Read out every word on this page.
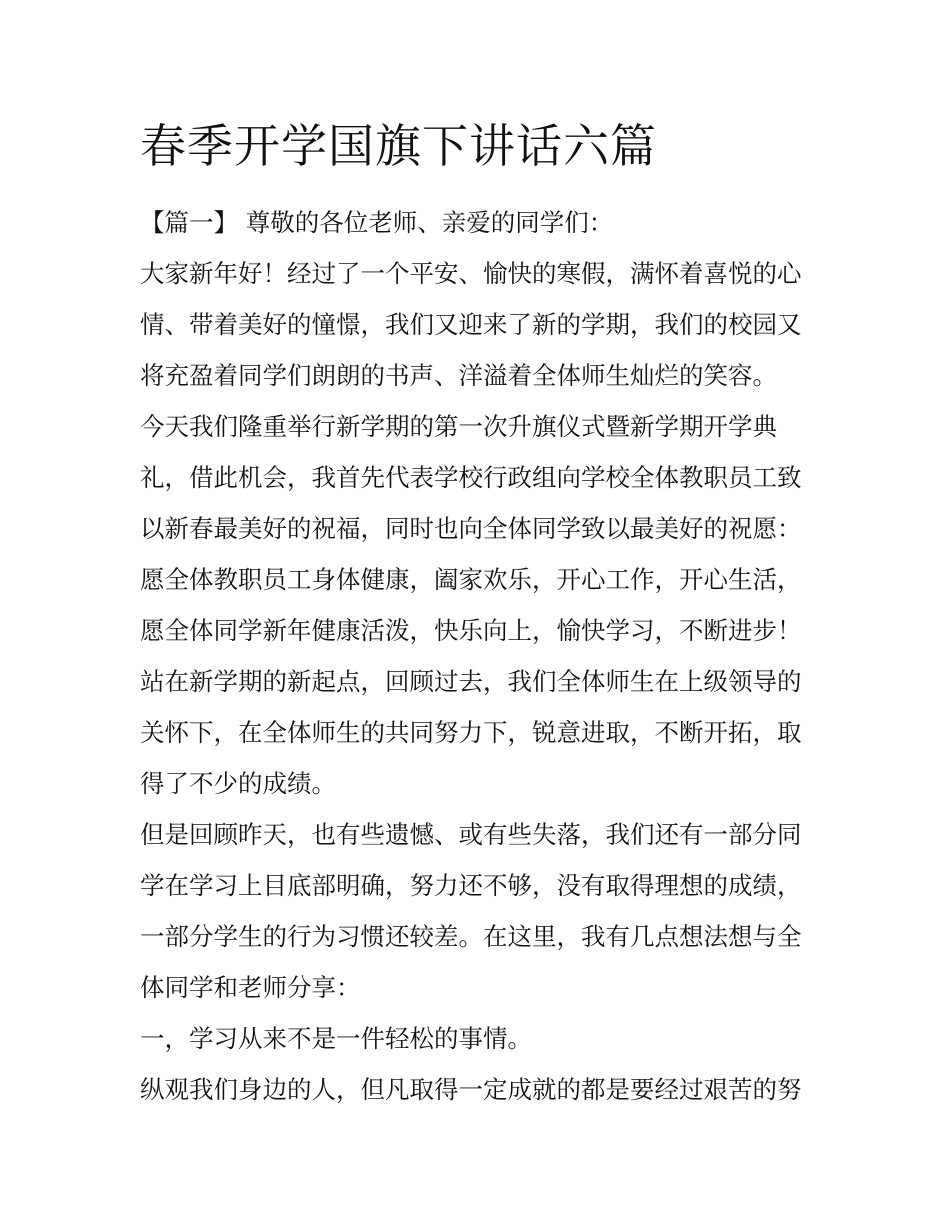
春季开学国旗下讲话六篇

【篇一】 尊敬的各位老师、亲爱的同学们：

大家新年好！经过了一个平安、愉快的寒假，满怀着喜悦的心

情、带着美好的憧憬，我们又迎来了新的学期，我们的校园又

将充盈着同学们朗朗的书声、洋溢着全体师生灿烂的笑容。

今天我们隆重举行新学期的第一次升旗仪式暨新学期开学典

礼，借此机会，我首先代表学校行政组向学校全体教职员工致

以新春最美好的祝福，同时也向全体同学致以最美好的祝愿：

愿全体教职员工身体健康，阖家欢乐，开心工作，开心生活，

愿全体同学新年健康活泼，快乐向上，愉快学习，不断进步！

站在新学期的新起点，回顾过去，我们全体师生在上级领导的

关怀下，在全体师生的共同努力下，锐意进取，不断开拓，取

得了不少的成绩。

但是回顾昨天，也有些遗憾、或有些失落，我们还有一部分同

学在学习上目底部明确，努力还不够，没有取得理想的成绩，

一部分学生的行为习惯还较差。在这里，我有几点想法想与全

体同学和老师分享：

一，学习从来不是一件轻松的事情。

纵观我们身边的人，但凡取得一定成就的都是要经过艰苦的努
